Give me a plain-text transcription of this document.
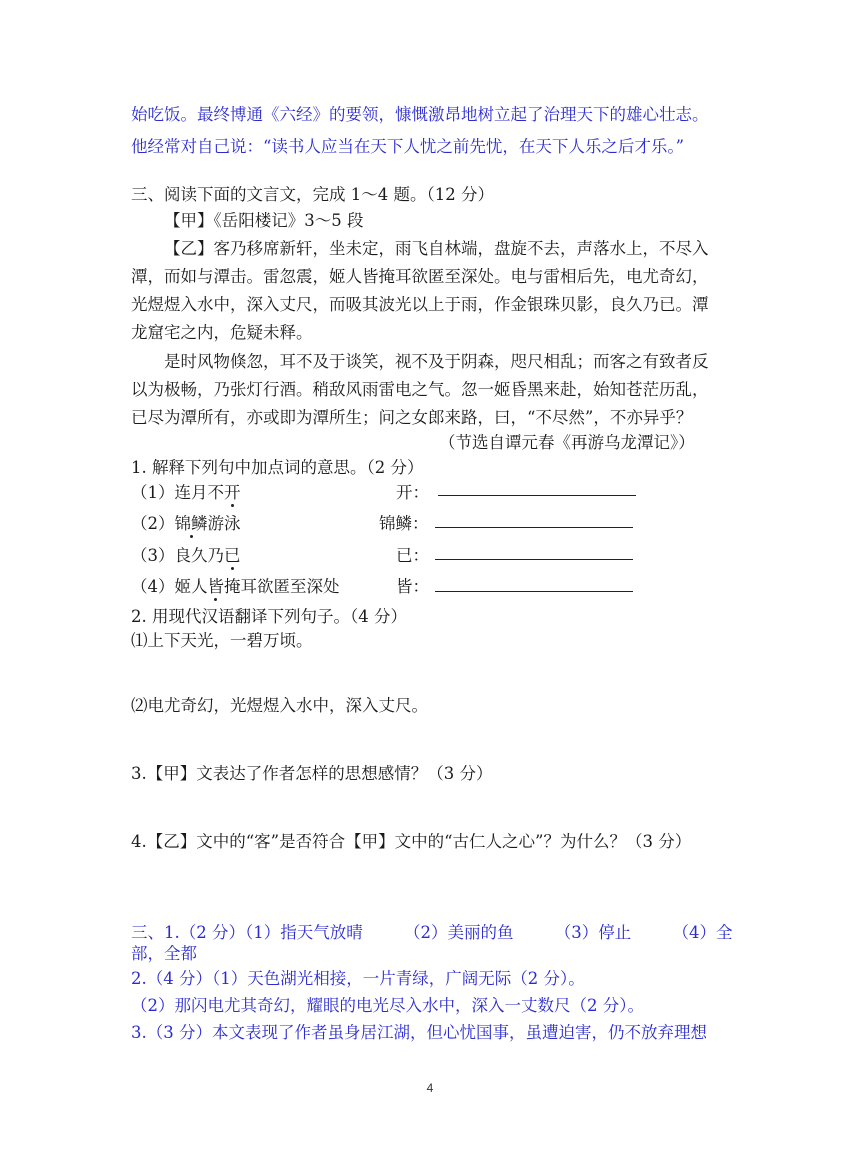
始吃饭。最终博通《六经》的要领，慷慨激昂地树立起了治理天下的雄心壮志。
他经常对自己说：“读书人应当在天下人忧之前先忧，在天下人乐之后才乐。”
三、阅读下面的文言文，完成 1～4 题。（12 分）
【甲】《岳阳楼记》3～5 段
【乙】客乃移席新轩，坐未定，雨飞自林端，盘旋不去，声落水上，不尽入
潭，而如与潭击。雷忽震，姬人皆掩耳欲匿至深处。电与雷相后先，电尤奇幻，
光煜煜入水中，深入丈尺，而吸其波光以上于雨，作金银珠贝影，良久乃已。潭
龙窟宅之内，危疑未释。
是时风物倏忽，耳不及于谈笑，视不及于阴森，咫尺相乱；而客之有致者反
以为极畅，乃张灯行酒。稍敌风雨雷电之气。忽一姬昏黑来赴，始知苍茫历乱，
已尽为潭所有，亦或即为潭所生；问之女郎来路，曰，“不尽然”，不亦异乎？
（节选自谭元春《再游乌龙潭记》）
1. 解释下列句中加点词的意思。（2 分）
（1）连月不开	开：
（2）锦鳞游泳	锦鳞：
（3）良久乃已	已：
（4）姬人皆掩耳欲匿至深处	皆：
2. 用现代汉语翻译下列句子。（4 分）
⑴上下天光，一碧万顷。
⑵电尤奇幻，光煜煜入水中，深入丈尺。
3.【甲】文表达了作者怎样的思想感情？（3 分）
4.【乙】文中的“客”是否符合【甲】文中的“古仁人之心”？为什么？（3 分）
三、1.（2 分）（1）指天气放晴　　　（2）美丽的鱼　　　（3）停止　　　（4）全
部，全都
2.（4 分）（1）天色湖光相接，一片青绿，广阔无际（2 分）。
（2）那闪电尤其奇幻，耀眼的电光尽入水中，深入一丈数尺（2 分）。
3.（3 分）本文表现了作者虽身居江湖，但心忧国事，虽遭迫害，仍不放弃理想
4
